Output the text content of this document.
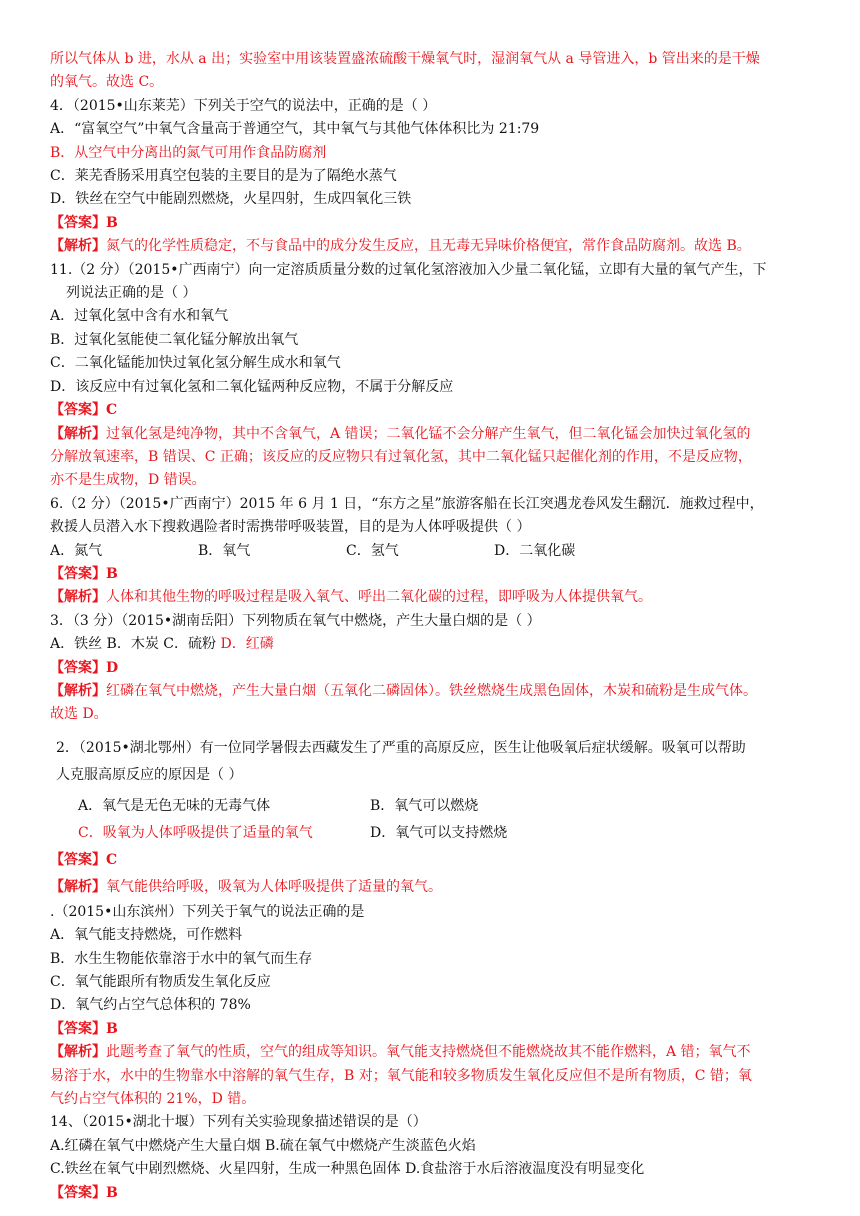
所以气体从 b 进，水从 a 出；实验室中用该装置盛浓硫酸干燥氧气时，湿润氧气从 a 导管进入，b 管出来的是干燥
的氧气。故选 C。
4．（2015•山东莱芜）下列关于空气的说法中，正确的是（ ）
A．“富氧空气”中氧气含量高于普通空气，其中氧气与其他气体体积比为 21:79
B．从空气中分离出的氮气可用作食品防腐剂
C．莱芜香肠采用真空包装的主要目的是为了隔绝水蒸气
D．铁丝在空气中能剧烈燃烧，火星四射，生成四氧化三铁
【答案】B
【解析】氮气的化学性质稳定，不与食品中的成分发生反应，且无毒无异味价格便宜，常作食品防腐剂。故选 B。
11.（2 分）（2015•广西南宁）向一定溶质质量分数的过氧化氢溶液加入少量二氧化锰，立即有大量的氧气产生，下
列说法正确的是（ ）
A．过氧化氢中含有水和氧气
B．过氧化氢能使二氧化锰分解放出氧气
C．二氧化锰能加快过氧化氢分解生成水和氧气
D．该反应中有过氧化氢和二氧化锰两种反应物，不属于分解反应
【答案】C
【解析】过氧化氢是纯净物，其中不含氧气，A 错误；二氧化锰不会分解产生氧气，但二氧化锰会加快过氧化氢的
分解放氧速率，B 错误、C 正确；该反应的反应物只有过氧化氢，其中二氧化锰只起催化剂的作用，不是反应物，
亦不是生成物，D 错误。
6.（2 分）（2015•广西南宁）2015 年 6 月 1 日，“东方之星”旅游客船在长江突遇龙卷风发生翻沉．施救过程中，
救援人员潜入水下搜救遇险者时需携带呼吸装置，目的是为人体呼吸提供（ ）
A．氮气	B．氧气	C．氢气	D．二氧化碳
【答案】B
【解析】人体和其他生物的呼吸过程是吸入氧气、呼出二氧化碳的过程，即呼吸为人体提供氧气。
3．（3 分）（2015•湖南岳阳）下列物质在氧气中燃烧，产生大量白烟的是（ ）
A．铁丝 B．木炭 C．硫粉 D．红磷
【答案】D
【解析】红磷在氧气中燃烧，产生大量白烟（五氧化二磷固体）。铁丝燃烧生成黑色固体，木炭和硫粉是生成气体。
故选 D。
2．（2015•湖北鄂州）有一位同学暑假去西藏发生了严重的高原反应，医生让他吸氧后症状缓解。吸氧可以帮助
人克服高原反应的原因是（ ）
A．氧气是无色无味的无毒气体	B．氧气可以燃烧
C．吸氧为人体呼吸提供了适量的氧气	D．氧气可以支持燃烧
【答案】C
【解析】氧气能供给呼吸，吸氧为人体呼吸提供了适量的氧气。
.（2015•山东滨州）下列关于氧气的说法正确的是
A．氧气能支持燃烧，可作燃料
B．水生生物能依靠溶于水中的氧气而生存
C．氧气能跟所有物质发生氧化反应
D．氧气约占空气总体积的 78%
【答案】B
【解析】此题考查了氧气的性质，空气的组成等知识。氧气能支持燃烧但不能燃烧故其不能作燃料，A 错；氧气不
易溶于水，水中的生物靠水中溶解的氧气生存，B 对；氧气能和较多物质发生氧化反应但不是所有物质，C 错；氧
气约占空气体积的 21%，D 错。
14、（2015•湖北十堰）下列有关实验现象描述错误的是（）
A.红磷在氧气中燃烧产生大量白烟 B.硫在氧气中燃烧产生淡蓝色火焰
C.铁丝在氧气中剧烈燃烧、火星四射，生成一种黑色固体 D.食盐溶于水后溶液温度没有明显变化
【答案】B
